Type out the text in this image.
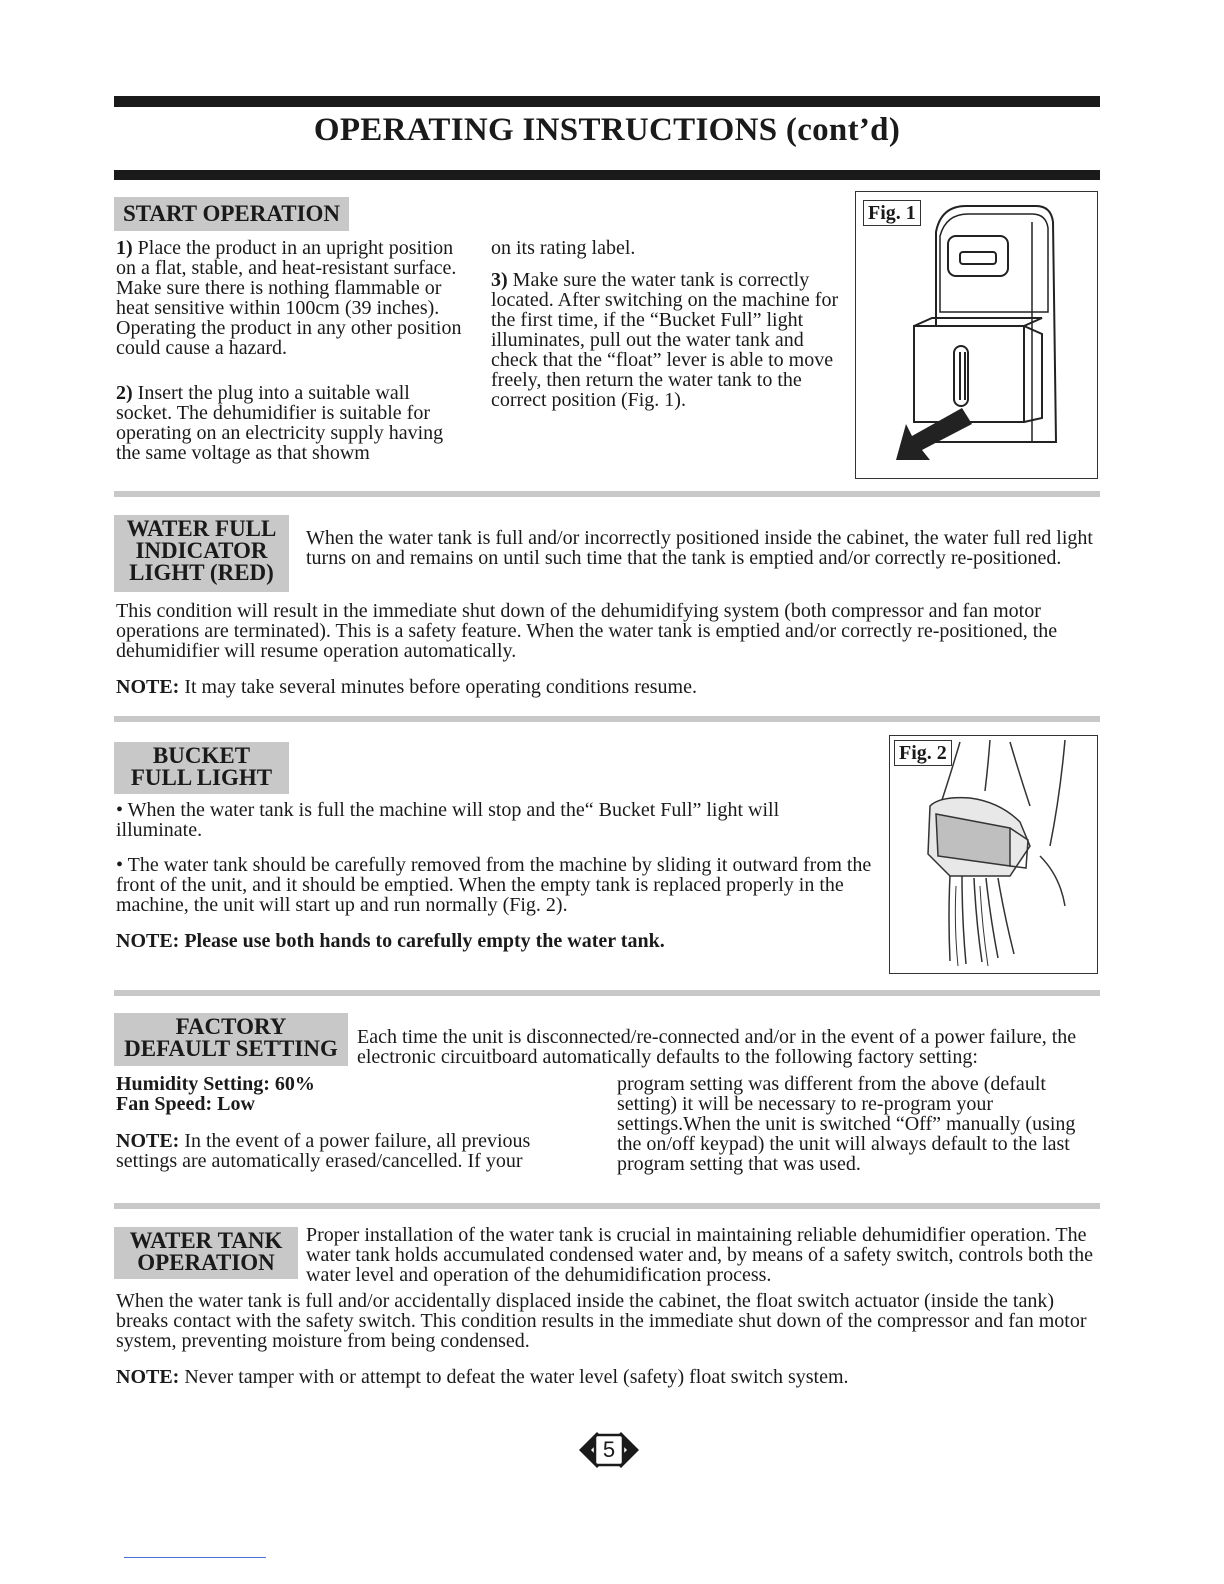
OPERATING INSTRUCTIONS (cont’d)
START OPERATION

1) Place the product in an upright position on a flat, stable, and heat-resistant surface. Make sure there is nothing flammable or heat sensitive within 100cm (39 inches). Operating the product in any other position could cause a hazard.

2) Insert the plug into a suitable wall socket. The dehumidifier is suitable for operating on an electricity supply having the same voltage as that showm

on its rating label.

3) Make sure the water tank is correctly located. After switching on the machine for the first time, if the “Bucket Full” light illuminates, pull out the water tank and check that the “float” lever is able to move freely, then return the water tank to the correct position (Fig. 1).

Fig. 1
WATER FULL
INDICATOR
LIGHT (RED)
When the water tank is full and/or incorrectly positioned inside the cabinet, the water full red light turns on and remains on until such time that the tank is emptied and/or correctly re-positioned.
This condition will result in the immediate shut down of the dehumidifying system (both compressor and fan motor operations are terminated). This is a safety feature. When the water tank is emptied and/or correctly re-positioned, the dehumidifier will resume operation automatically.
NOTE: It may take several minutes before operating conditions resume.
BUCKET
FULL LIGHT
• When the water tank is full the machine will stop and the“ Bucket Full” light will illuminate.
• The water tank should be carefully removed from the machine by sliding it outward from the front of the unit, and it should be emptied. When the empty tank is replaced properly in the machine, the unit will start up and run normally (Fig. 2).
NOTE: Please use both hands to carefully empty the water tank.
Fig. 2
FACTORY
DEFAULT SETTING Each time the unit is disconnected/re-connected and/or in the event of a power failure, the electronic circuitboard automatically defaults to the following factory setting:
Humidity Setting: 60%
Fan Speed: Low
NOTE: In the event of a power failure, all previous settings are automatically erased/cancelled. If your
program setting was different from the above (default setting) it will be necessary to re-program your settings.When the unit is switched “Off” manually (using the on/off keypad) the unit will always default to the last program setting that was used.
WATER TANK
OPERATION
Proper installation of the water tank is crucial in maintaining reliable dehumidifier operation. The water tank holds accumulated condensed water and, by means of a safety switch, controls both the water level and operation of the dehumidification process.
When the water tank is full and/or accidentally displaced inside the cabinet, the float switch actuator (inside the tank) breaks contact with the safety switch. This condition results in the immediate shut down of the compressor and fan motor system, preventing moisture from being condensed.
NOTE: Never tamper with or attempt to defeat the water level (safety) float switch system.
5
